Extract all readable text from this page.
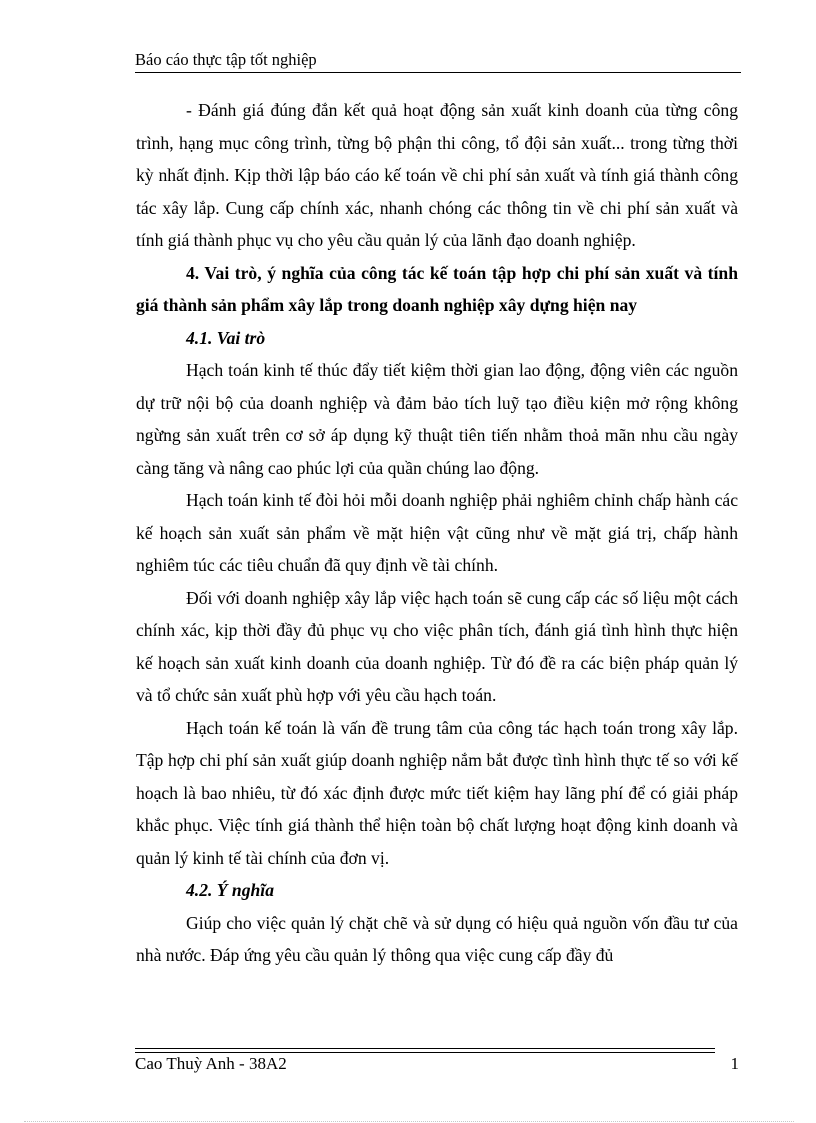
Báo cáo thực tập tốt nghiệp

- Đánh giá đúng đắn kết quả hoạt động sản xuất kinh doanh của từng công trình, hạng mục công trình, từng bộ phận thi công, tổ đội sản xuất... trong từng thời kỳ nhất định. Kịp thời lập báo cáo kế toán về chi phí sản xuất và tính giá thành công tác xây lắp. Cung cấp chính xác, nhanh chóng các thông tin về chi phí sản xuất và tính giá thành phục vụ cho yêu cầu quản lý của lãnh đạo doanh nghiệp.

4. Vai trò, ý nghĩa của công tác kế toán tập hợp chi phí sản xuất và tính giá thành sản phẩm xây lắp trong doanh nghiệp xây dựng hiện nay

4.1. Vai trò

Hạch toán kinh tế thúc đẩy tiết kiệm thời gian lao động, động viên các nguồn dự trữ nội bộ của doanh nghiệp và đảm bảo tích luỹ tạo điều kiện mở rộng không ngừng sản xuất trên cơ sở áp dụng kỹ thuật tiên tiến nhằm thoả mãn nhu cầu ngày càng tăng và nâng cao phúc lợi của quần chúng lao động.

Hạch toán kinh tế đòi hỏi mỗi doanh nghiệp phải nghiêm chỉnh chấp hành các kế hoạch sản xuất sản phẩm về mặt hiện vật cũng như về mặt giá trị, chấp hành nghiêm túc các tiêu chuẩn đã quy định về tài chính.

Đối với doanh nghiệp xây lắp việc hạch toán sẽ cung cấp các số liệu một cách chính xác, kịp thời đầy đủ phục vụ cho việc phân tích, đánh giá tình hình thực hiện kế hoạch sản xuất kinh doanh của doanh nghiệp. Từ đó đề ra các biện pháp quản lý và tổ chức sản xuất phù hợp với yêu cầu hạch toán.

Hạch toán kế toán là vấn đề trung tâm của công tác hạch toán trong xây lắp. Tập hợp chi phí sản xuất giúp doanh nghiệp nắm bắt được tình hình thực tế so với kế hoạch là bao nhiêu, từ đó xác định được mức tiết kiệm hay lãng phí để có giải pháp khắc phục. Việc tính giá thành thể hiện toàn bộ chất lượng hoạt động kinh doanh và quản lý kinh tế tài chính của đơn vị.

4.2. Ý nghĩa

Giúp cho việc quản lý chặt chẽ và sử dụng có hiệu quả nguồn vốn đầu tư của nhà nước. Đáp ứng yêu cầu quản lý thông qua việc cung cấp đầy đủ

Cao Thuỳ Anh - 38A2	1
